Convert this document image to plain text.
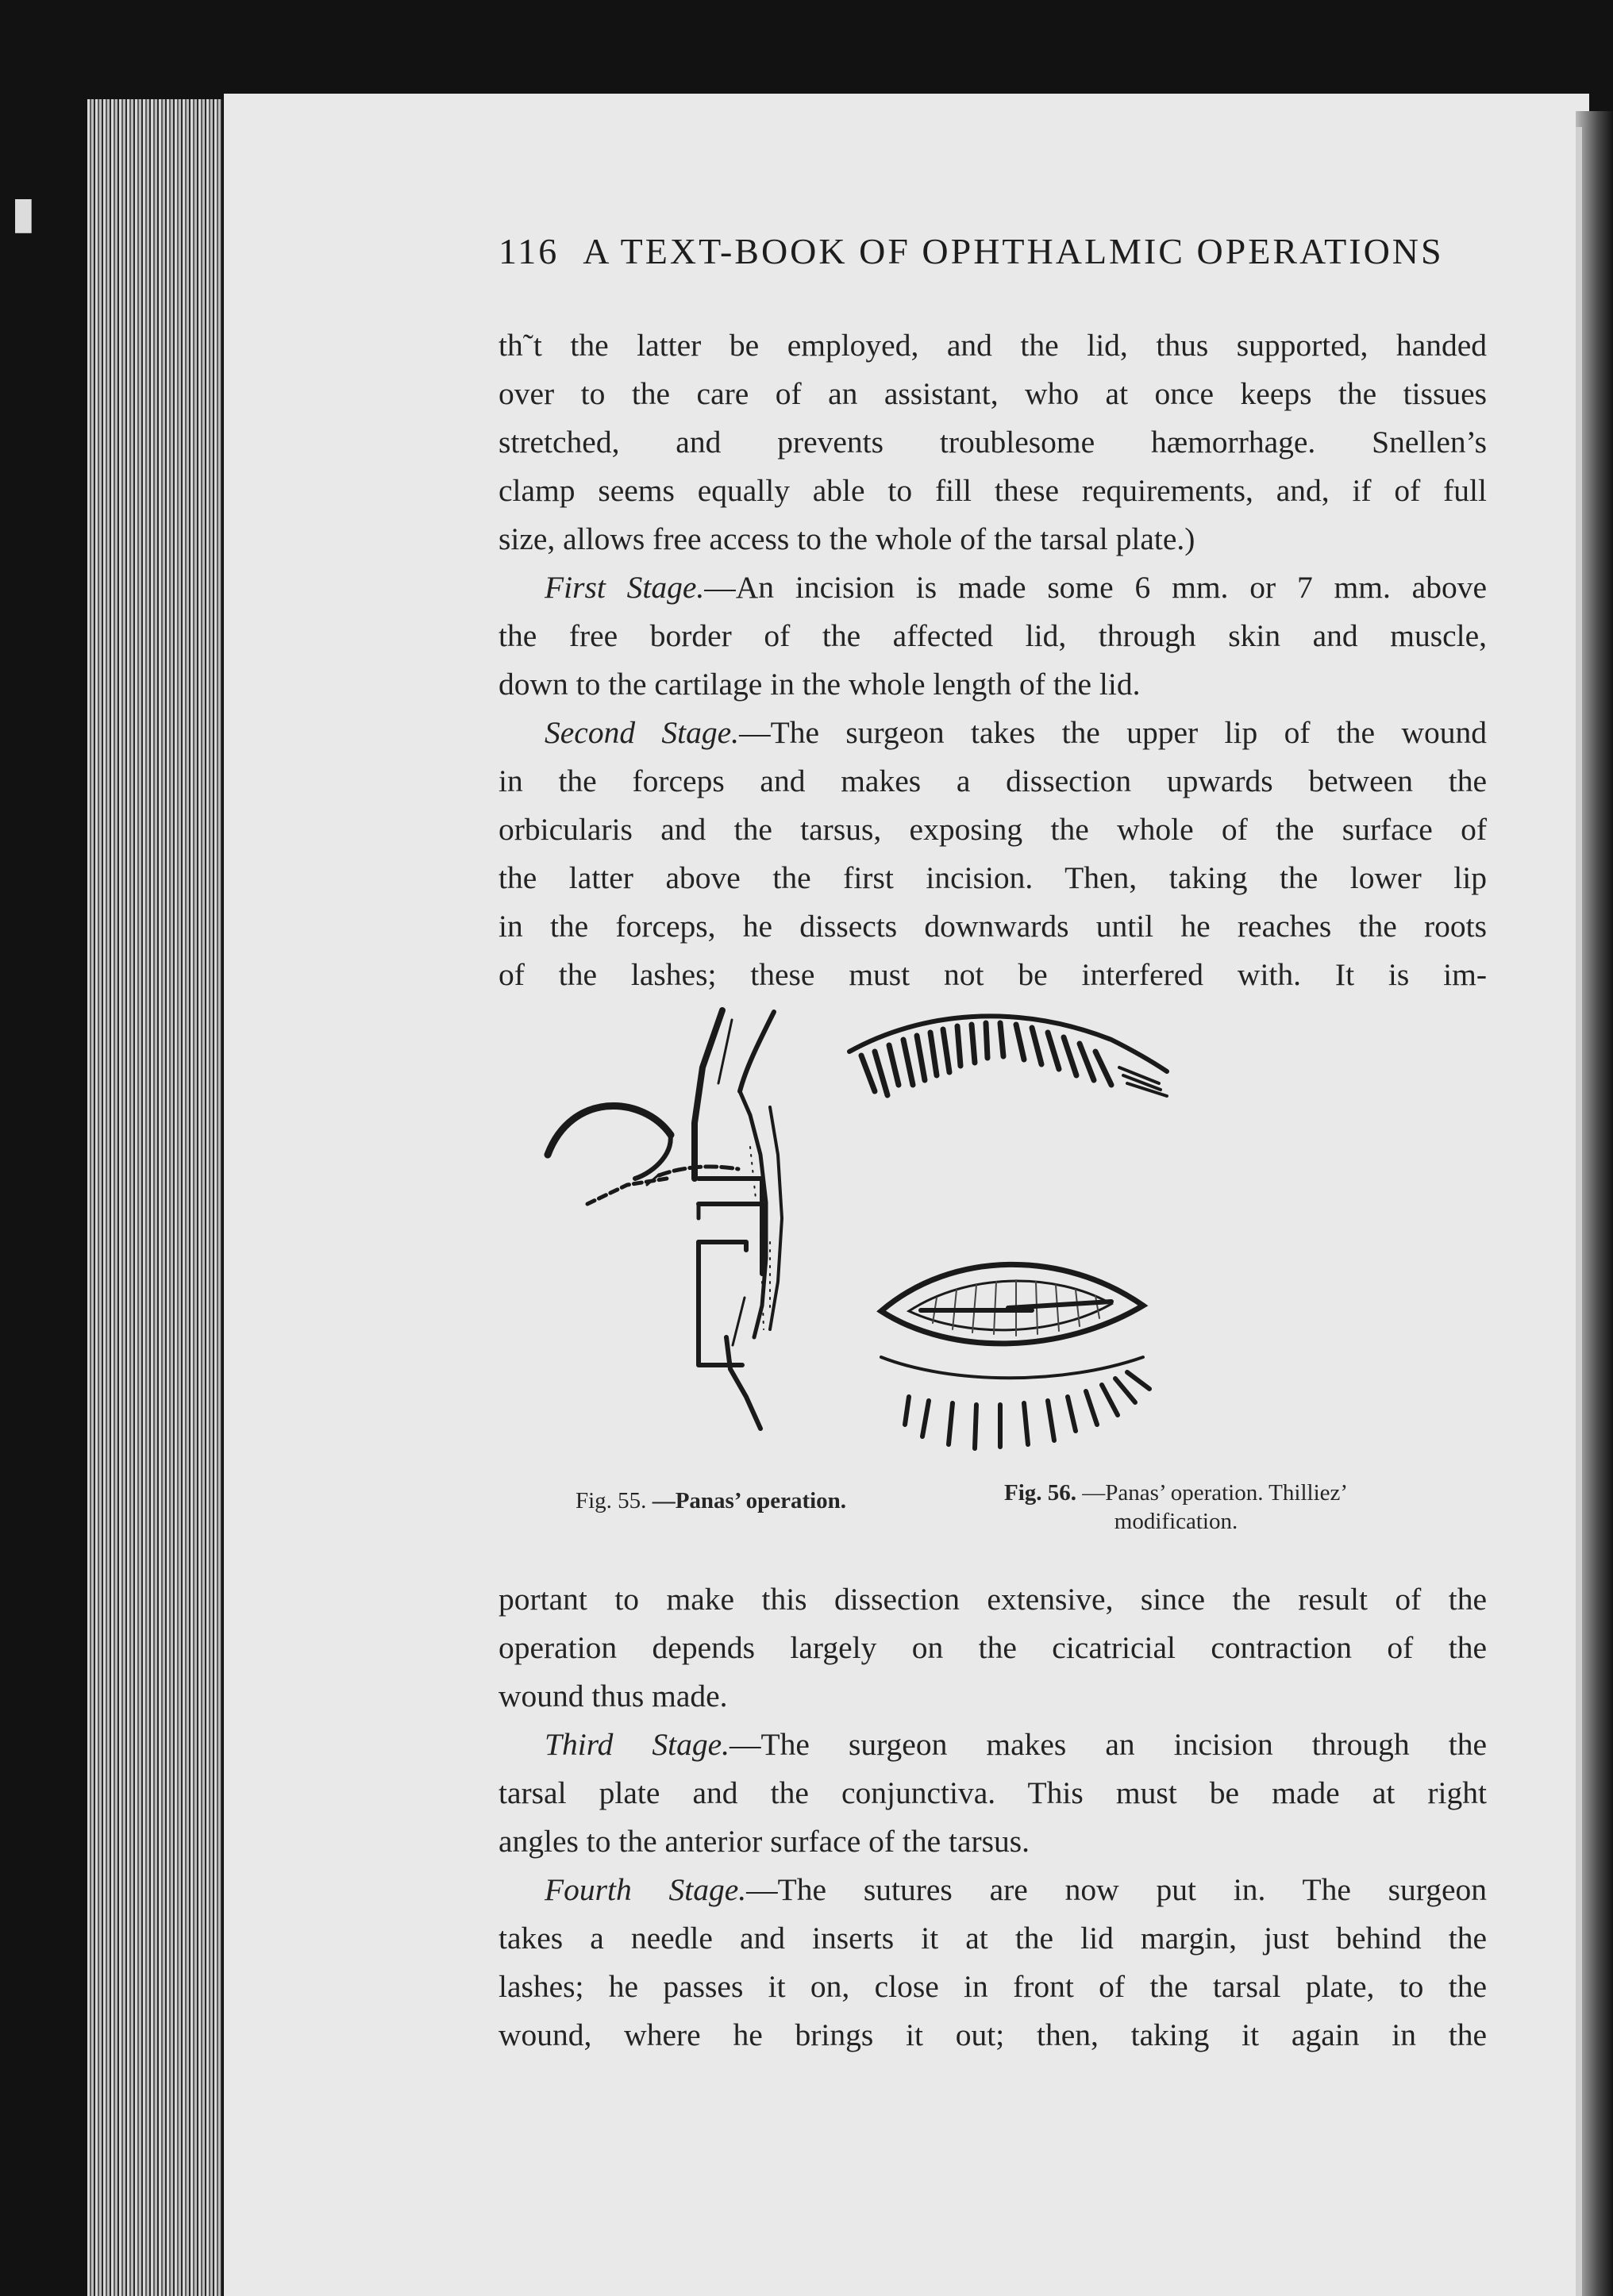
▮
116 A TEXT-BOOK OF OPHTHALMIC OPERATIONS
th˜t the latter be employed, and the lid, thus supported, handed
over to the care of an assistant, who at once keeps the tissues
stretched, and prevents troublesome hæmorrhage. Snellen’s
clamp seems equally able to fill these requirements, and, if of full
size, allows free access to the whole of the tarsal plate.)
First Stage.—An incision is made some 6 mm. or 7 mm. above
the free border of the affected lid, through skin and muscle,
down to the cartilage in the whole length of the lid.
Second Stage.—The surgeon takes the upper lip of the wound
in the forceps and makes a dissection upwards between the
orbicularis and the tarsus, exposing the whole of the surface of
the latter above the first incision. Then, taking the lower lip
in the forceps, he dissects downwards until he reaches the roots
of the lashes; these must not be interfered with. It is im-
Fig. 55. —Panas’ operation.	Fig. 56. —Panas’ operation. Thilliez’
modification.
portant to make this dissection extensive, since the result of the
operation depends largely on the cicatricial contraction of the
wound thus made.
Third Stage.—The surgeon makes an incision through the
tarsal plate and the conjunctiva. This must be made at right
angles to the anterior surface of the tarsus.
Fourth Stage.—The sutures are now put in. The surgeon
takes a needle and inserts it at the lid margin, just behind the
lashes; he passes it on, close in front of the tarsal plate, to the
wound, where he brings it out; then, taking it again in the
